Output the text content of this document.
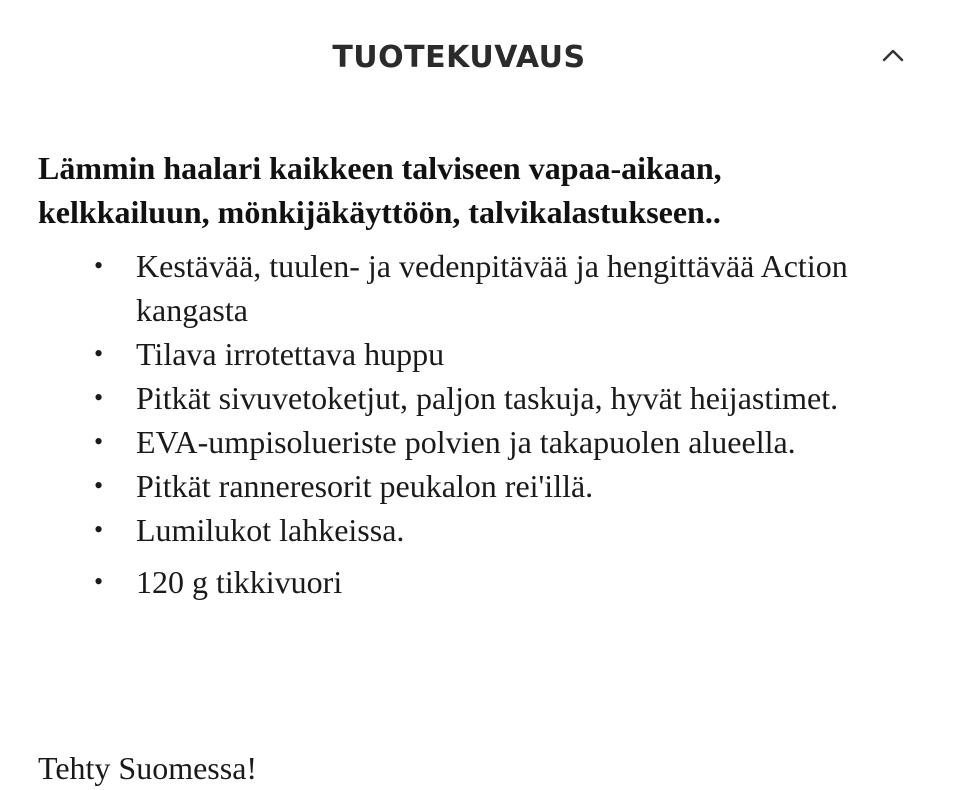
TUOTEKUVAUS

Lämmin haalari kaikkeen talviseen vapaa-aikaan,
kelkkailuun, mönkijäkäyttöön, talvikalastukseen..

•	Kestävää, tuulen- ja vedenpitävää ja hengittävää Action kangasta
•	Tilava irrotettava huppu
•	Pitkät sivuvetoketjut, paljon taskuja, hyvät heijastimet.
•	EVA-umpisolueriste polvien ja takapuolen alueella.
•	Pitkät ranneresorit peukalon rei'illä.
•	Lumilukot lahkeissa.
•	120 g tikkivuori

Tehty Suomessa!
